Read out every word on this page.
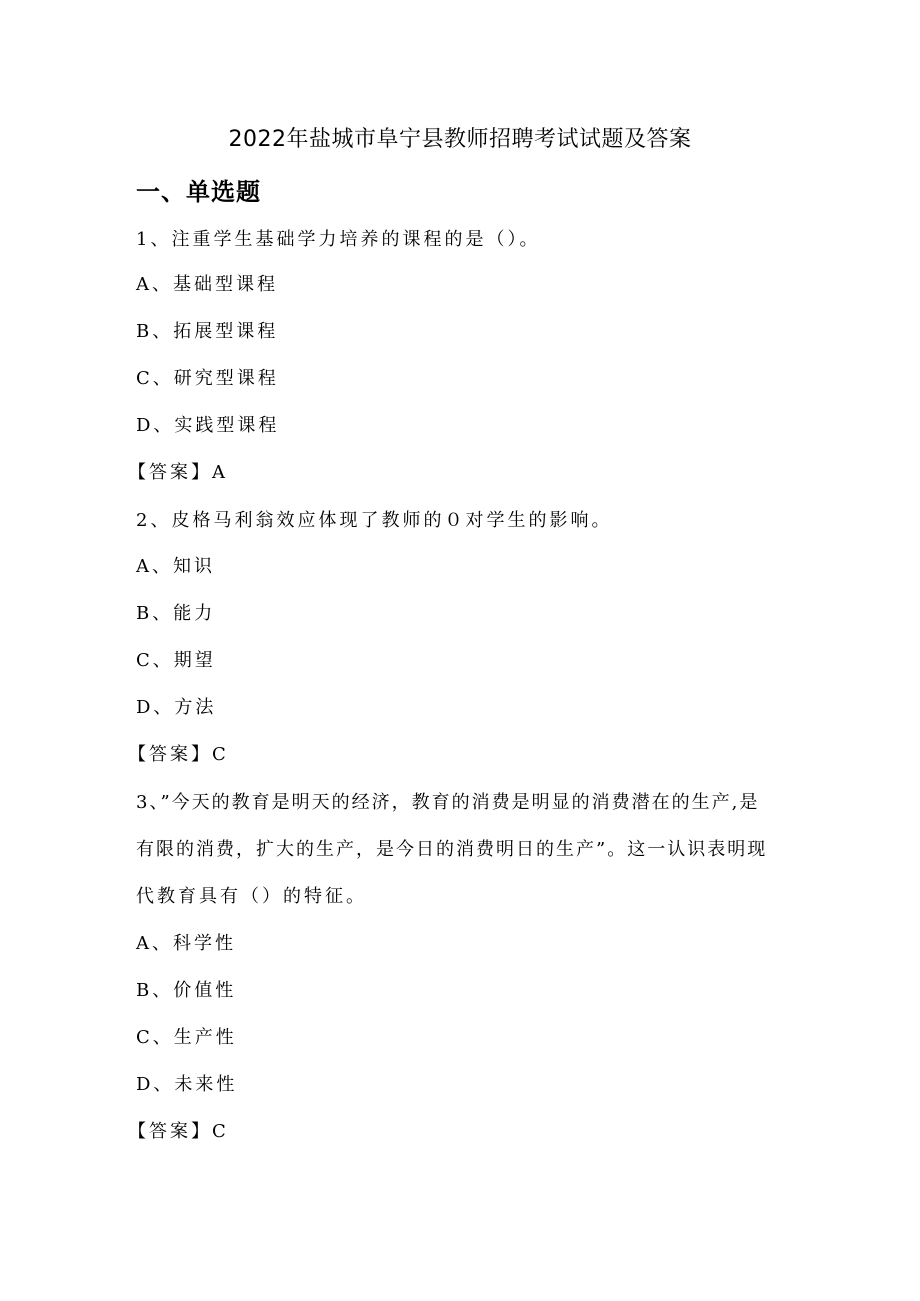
2022年盐城市阜宁县教师招聘考试试题及答案
一、单选题
1、注重学生基础学力培养的课程的是（）。
A、基础型课程
B、拓展型课程
C、研究型课程
D、实践型课程
【答案】A
2、皮格马利翁效应体现了教师的０对学生的影响。
A、知识
B、能力
C、期望
D、方法
【答案】C
3、”今天的教育是明天的经济，教育的消费是明显的消费潜在的生产,是
有限的消费，扩大的生产，是今日的消费明日的生产”。这一认识表明现
代教育具有（）的特征。
A、科学性
B、价值性
C、生产性
D、未来性
【答案】C
